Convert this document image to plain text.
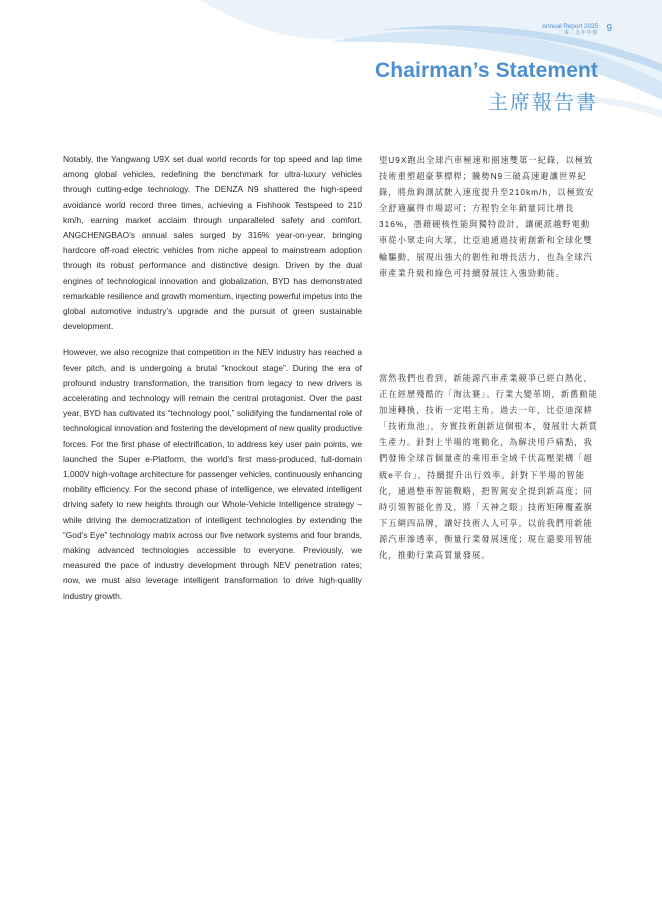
Annual Report 2025
二零二五年年報 9
Chairman’s Statement
主席報告書

Notably, the Yangwang U9X set dual world records for top speed and lap time among global vehicles, redefining the benchmark for ultra-luxury vehicles through cutting-edge technology. The DENZA N9 shattered the high-speed avoidance world record three times, achieving a Fishhook Testspeed to 210 km/h, earning market acclaim through unparalleled safety and comfort. ANGCHENGBAO’s annual sales surged by 316% year-on-year, bringing hardcore off-road electric vehicles from niche appeal to mainstream adoption through its robust performance and distinctive design. Driven by the dual engines of technological innovation and globalization, BYD has demonstrated remarkable resilience and growth momentum, injecting powerful impetus into the global automotive industry’s upgrade and the pursuit of green sustainable development.

However, we also recognize that competition in the NEV industry has reached a fever pitch, and is undergoing a brutal “knockout stage”. During the era of profound industry transformation, the transition from legacy to new drivers is accelerating and technology will remain the central protagonist. Over the past year, BYD has cultivated its “technology pool,” solidifying the fundamental role of technological innovation and fostering the development of new quality productive forces. For the first phase of electrification, to address key user pain points, we launched the Super e-Platform, the world’s first mass-produced, full-domain 1,000V high-voltage architecture for passenger vehicles, continuously enhancing mobility efficiency. For the second phase of intelligence, we elevated intelligent driving safety to new heights through our Whole-Vehicle Intelligence strategy – while driving the democratization of intelligent technologies by extending the “God’s Eye” technology matrix across our five network systems and four brands, making advanced technologies accessible to everyone. Previously, we measured the pace of industry development through NEV penetration rates; now, we must also leverage intelligent transformation to drive high-quality industry growth.

望U9X跑出全球汽車極速和圈速雙第一紀錄，以極致技術重塑超豪華標桿；騰勢N9三破高速避讓世界紀錄，將魚鈎測試駛入速度提升至210km/h，以極致安全舒適贏得市場認可；方程豹全年銷量同比增長316%，憑藉硬核性能與獨特設計，讓硬派越野電動車從小眾走向大眾。比亞迪通過技術創新和全球化雙輪驅動，展現出強大的韌性和增長活力，也為全球汽車產業升級和綠色可持續發展注入強勁動能。
當然我們也看到，新能源汽車產業競爭已經白熱化，正在經歷殘酷的「淘汰賽」。行業大變革期，新舊動能加速轉換，技術一定唱主角。過去一年，比亞迪深耕「技術魚池」，夯實技術創新這個根本，發展壯大新質生產力。針對上半場的電動化，為解決用戶痛點，我們發佈全球首個量產的乘用車全域千伏高壓架構「超級e平台」，持續提升出行效率。針對下半場的智能化，通過整車智能戰略，把智駕安全提到新高度；同時引領智能化普及，將「天神之眼」技術矩陣覆蓋旗下五網四品牌，讓好技術人人可享。以前我們用新能源汽車滲透率，衡量行業發展速度；現在還要用智能化，推動行業高質量發展。
